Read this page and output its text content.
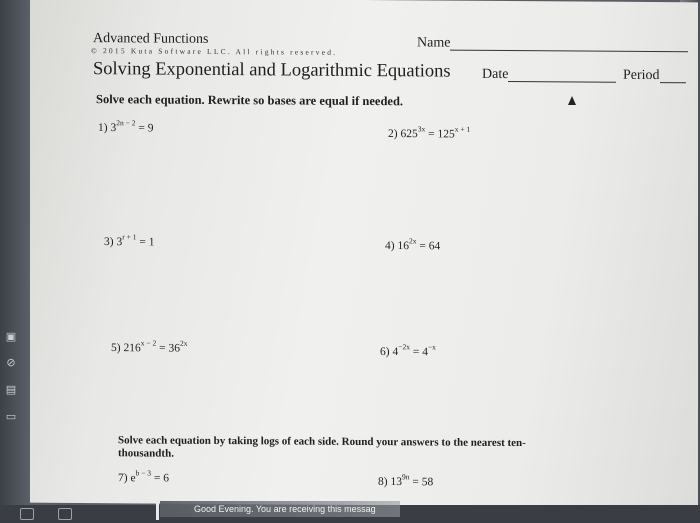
▣
⊘
▤
▭
Advanced Functions
© 2015 Kuta Software LLC. All rights reserved.
Name
Solving Exponential and Logarithmic Equations Date	Period
Solve each equation. Rewrite so bases are equal if needed.
1) $3^{2n - 2} = 9$	2) $625^{3x} = 125^{x + 1}$
3) $3^{r + 1} = 1$	4) $16^{2x} = 64$
5) $216^{x - 2} = 36^{2x}$
6) $4^{-2x} = 4^{-x}$
Solve each equation by taking logs of each side. Round your answers to the nearest ten-thousandth.
7) $e^{b - 3} = 6$	8) $13^{9n} = 58$
Good Evening. You are receiving this messag
